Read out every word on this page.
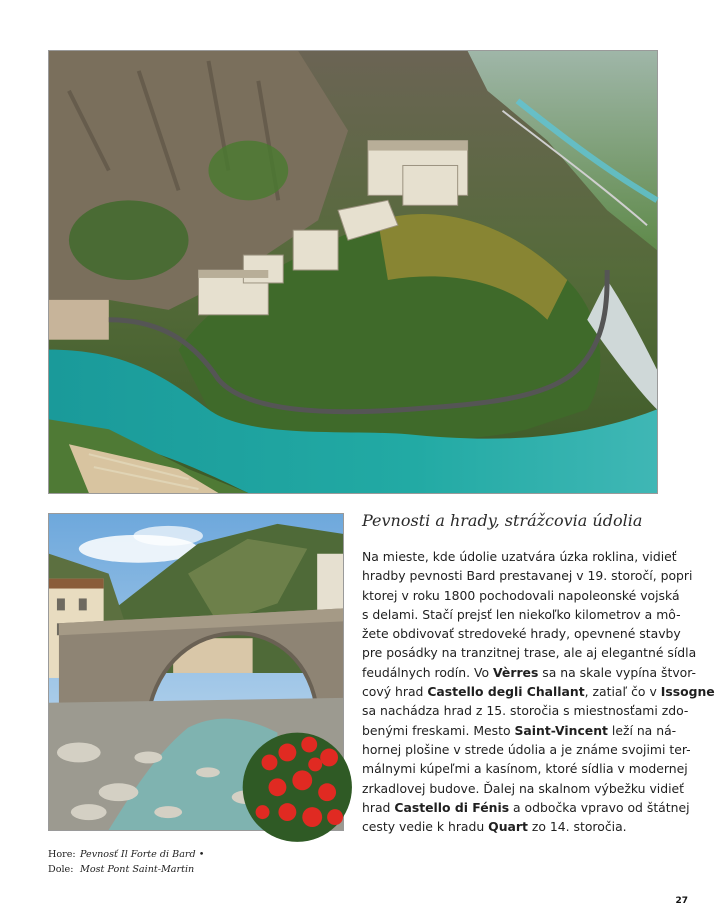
Pevnosti a hrady, strážcovia údolia
Na mieste, kde údolie uzatvára úzka roklina, vidieť
hradby pevnosti Bard prestavanej v 19. storočí, popri
ktorej v roku 1800 pochodovali napoleonské vojská
s delami. Stačí prejsť len niekoľko kilometrov a mô-
žete obdivovať stredoveké hrady, opevnené stavby
pre posádky na tranzitnej trase, ale aj elegantné sídla
feudálnych rodín. Vo Vèrres sa na skale vypína štvor-
cový hrad Castello degli Challant, zatiaľ čo v Issogne
sa nachádza hrad z 15. storočia s miestnosťami zdo-
benými freskami. Mesto Saint-Vincent leží na ná-
hornej plošine v strede údolia a je známe svojimi ter-
málnymi kúpeľmi a kasínom, ktoré sídlia v modernej
zrkadlovej budove. Ďalej na skalnom výbežku vidieť
hrad Castello di Fénis a odbočka vpravo od štátnej
cesty vedie k hradu Quart zo 14. storočia.
Hore: Pevnosť Il Forte di Bard •
Dole: Most Pont Saint-Martin
27
